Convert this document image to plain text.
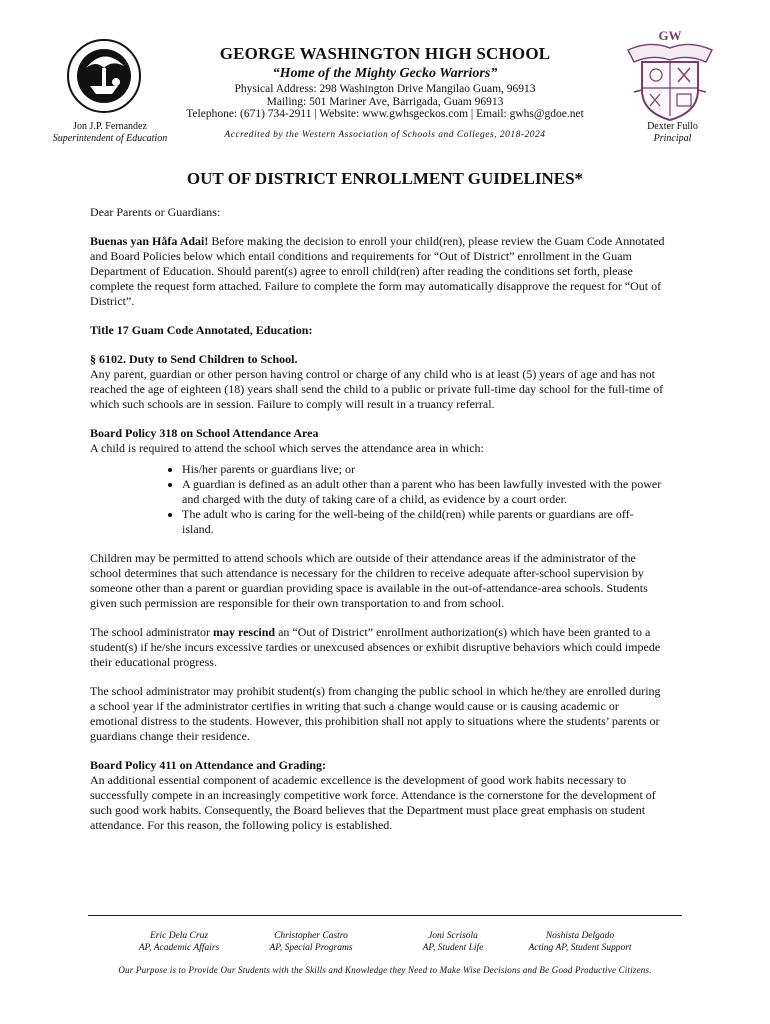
GW
GEORGE WASHINGTON HIGH SCHOOL
“Home of the Mighty Gecko Warriors”
Physical Address: 298 Washington Drive Mangilao Guam, 96913
Mailing: 501 Mariner Ave, Barrigada, Guam 96913
Telephone: (671) 734-2911 | Website: www.gwhsgeckos.com | Email: gwhs@gdoe.net
Accredited by the Western Association of Schools and Colleges, 2018-2024
Jon J.P. Fernandez
Superintendent of Education
Dexter Fullo
Principal
OUT OF DISTRICT ENROLLMENT GUIDELINES*

Dear Parents or Guardians:

Buenas yan Håfa Adai! Before making the decision to enroll your child(ren), please review the Guam Code Annotated and Board Policies below which entail conditions and requirements for “Out of District” enrollment in the Guam Department of Education. Should parent(s) agree to enroll child(ren) after reading the conditions set forth, please complete the request form attached. Failure to complete the form may automatically disapprove the request for “Out of District”.

Title 17 Guam Code Annotated, Education:

§ 6102. Duty to Send Children to School.
Any parent, guardian or other person having control or charge of any child who is at least (5) years of age and has not reached the age of eighteen (18) years shall send the child to a public or private full-time day school for the full-time of which such schools are in session. Failure to comply will result in a truancy referral.

Board Policy 318 on School Attendance Area
A child is required to attend the school which serves the attendance area in which:

• His/her parents or guardians live; or
• A guardian is defined as an adult other than a parent who has been lawfully invested with the power and charged with the duty of taking care of a child, as evidence by a court order.
• The adult who is caring for the well-being of the child(ren) while parents or guardians are off-island.

Children may be permitted to attend schools which are outside of their attendance areas if the administrator of the school determines that such attendance is necessary for the children to receive adequate after-school supervision by someone other than a parent or guardian providing space is available in the out-of-attendance-area schools. Students given such permission are responsible for their own transportation to and from school.

The school administrator may rescind an “Out of District” enrollment authorization(s) which have been granted to a student(s) if he/she incurs excessive tardies or unexcused absences or exhibit disruptive behaviors which could impede their educational progress.

The school administrator may prohibit student(s) from changing the public school in which he/they are enrolled during a school year if the administrator certifies in writing that such a change would cause or is causing academic or emotional distress to the students. However, this prohibition shall not apply to situations where the students’ parents or guardians change their residence.

Board Policy 411 on Attendance and Grading:
An additional essential component of academic excellence is the development of good work habits necessary to successfully compete in an increasingly competitive work force. Attendance is the cornerstone for the development of such good work habits. Consequently, the Board believes that the Department must place great emphasis on student attendance. For this reason, the following policy is established.

Eric Dela Cruz
AP, Academic Affairs
Christopher Castro
AP, Special Programs
Joni Scrisola
AP, Student Life
Noshista Delgado
Acting AP, Student Support
Our Purpose is to Provide Our Students with the Skills and Knowledge they Need to Make Wise Decisions and Be Good Productive Citizens.
